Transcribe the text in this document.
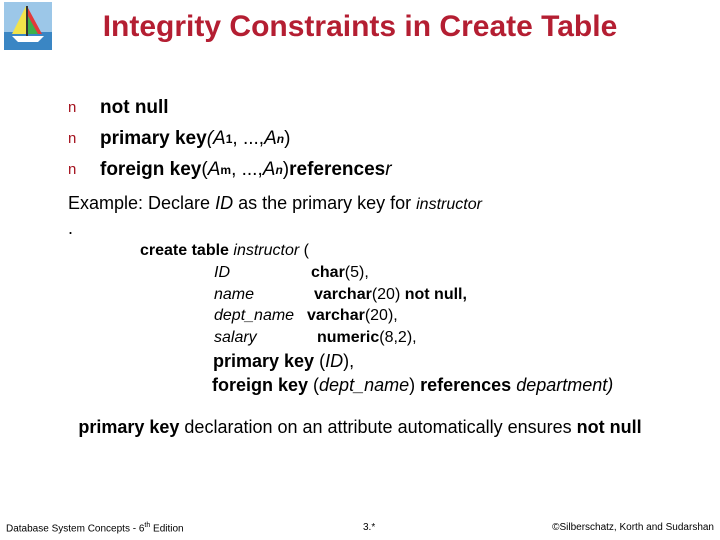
Integrity Constraints in Create Table
n	not null
n	primary key ( A 1 , ..., A n )
n	foreign key ( A m , ..., A n ) references r
Example: Declare ID as the primary key for instructor
.
create table instructor (
ID	char(5),
name	varchar(20) not null,
dept_name varchar(20),
salary	numeric(8,2),
primary key (ID),
foreign key (dept_name) references department)
primary key declaration on an attribute automatically ensures not null
Database System Concepts - 6th Edition	3.*	©Silberschatz, Korth and Sudarshan
